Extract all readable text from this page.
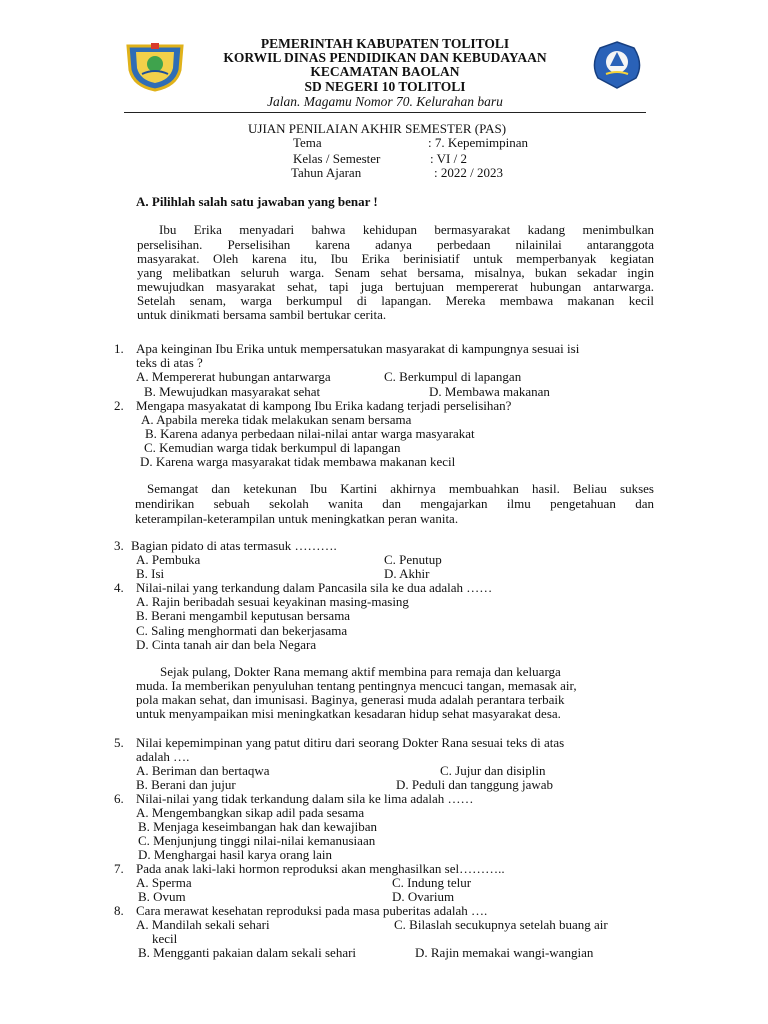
PEMERINTAH KABUPATEN TOLITOLI
KORWIL DINAS PENDIDIKAN DAN KEBUDAYAAN
KECAMATAN BAOLAN
SD NEGERI 10 TOLITOLI
Jalan. Magamu Nomor 70. Kelurahan baru
UJIAN PENILAIAN AKHIR SEMESTER (PAS)
Tema	: 7. Kepemimpinan
Kelas / Semester	: VI / 2
Tahun Ajaran	: 2022 / 2023
A. Pilihlah salah satu jawaban yang benar !
Ibu Erika menyadari bahwa kehidupan bermasyarakat kadang menimbulkan
perselisihan. Perselisihan karena adanya perbedaan nilainilai antaranggota
masyarakat. Oleh karena itu, Ibu Erika berinisiatif untuk memperbanyak kegiatan
yang melibatkan seluruh warga. Senam sehat bersama, misalnya, bukan sekadar ingin
mewujudkan masyarakat sehat, tapi juga bertujuan mempererat hubungan antarwarga.
Setelah senam, warga berkumpul di lapangan. Mereka membawa makanan kecil
untuk dinikmati bersama sambil bertukar cerita.
1. Apa keinginan Ibu Erika untuk mempersatukan masyarakat di kampungnya sesuai isi
teks di atas ?
A. Mempererat hubungan antarwarga	C. Berkumpul di lapangan
B. Mewujudkan masyarakat sehat	D. Membawa makanan
2. Mengapa masyakatat di kampong Ibu Erika kadang terjadi perselisihan?
A. Apabila mereka tidak melakukan senam bersama
B. Karena adanya perbedaan nilai-nilai antar warga masyarakat
C. Kemudian warga tidak berkumpul di lapangan
D. Karena warga masyarakat tidak membawa makanan kecil
Semangat dan ketekunan Ibu Kartini akhirnya membuahkan hasil. Beliau sukses
mendirikan sebuah sekolah wanita dan mengajarkan ilmu pengetahuan dan
keterampilan-keterampilan untuk meningkatkan peran wanita.
3. Bagian pidato di atas termasuk ……….
A. Pembuka	C. Penutup
B. Isi	D. Akhir
4. Nilai-nilai yang terkandung dalam Pancasila sila ke dua adalah ……
A. Rajin beribadah sesuai keyakinan masing-masing
B. Berani mengambil keputusan bersama
C. Saling menghormati dan bekerjasama
D. Cinta tanah air dan bela Negara
Sejak pulang, Dokter Rana memang aktif membina para remaja dan keluarga
muda. Ia memberikan penyuluhan tentang pentingnya mencuci tangan, memasak air,
pola makan sehat, dan imunisasi. Baginya, generasi muda adalah perantara terbaik
untuk menyampaikan misi meningkatkan kesadaran hidup sehat masyarakat desa.
5. Nilai kepemimpinan yang patut ditiru dari seorang Dokter Rana sesuai teks di atas
adalah ….
A. Beriman dan bertaqwa	C. Jujur dan disiplin
B. Berani dan jujur	D. Peduli dan tanggung jawab
6. Nilai-nilai yang tidak terkandung dalam sila ke lima adalah ……
A. Mengembangkan sikap adil pada sesama
B. Menjaga keseimbangan hak dan kewajiban
C. Menjunjung tinggi nilai-nilai kemanusiaan
D. Menghargai hasil karya orang lain
7. Pada anak laki-laki hormon reproduksi akan menghasilkan sel………..
A. Sperma	C. Indung telur
B. Ovum	D. Ovarium
8. Cara merawat kesehatan reproduksi pada masa puberitas adalah ….
A. Mandilah sekali sehari	C. Bilaslah secukupnya setelah buang air
kecil
B. Mengganti pakaian dalam sekali sehari	D. Rajin memakai wangi-wangian
